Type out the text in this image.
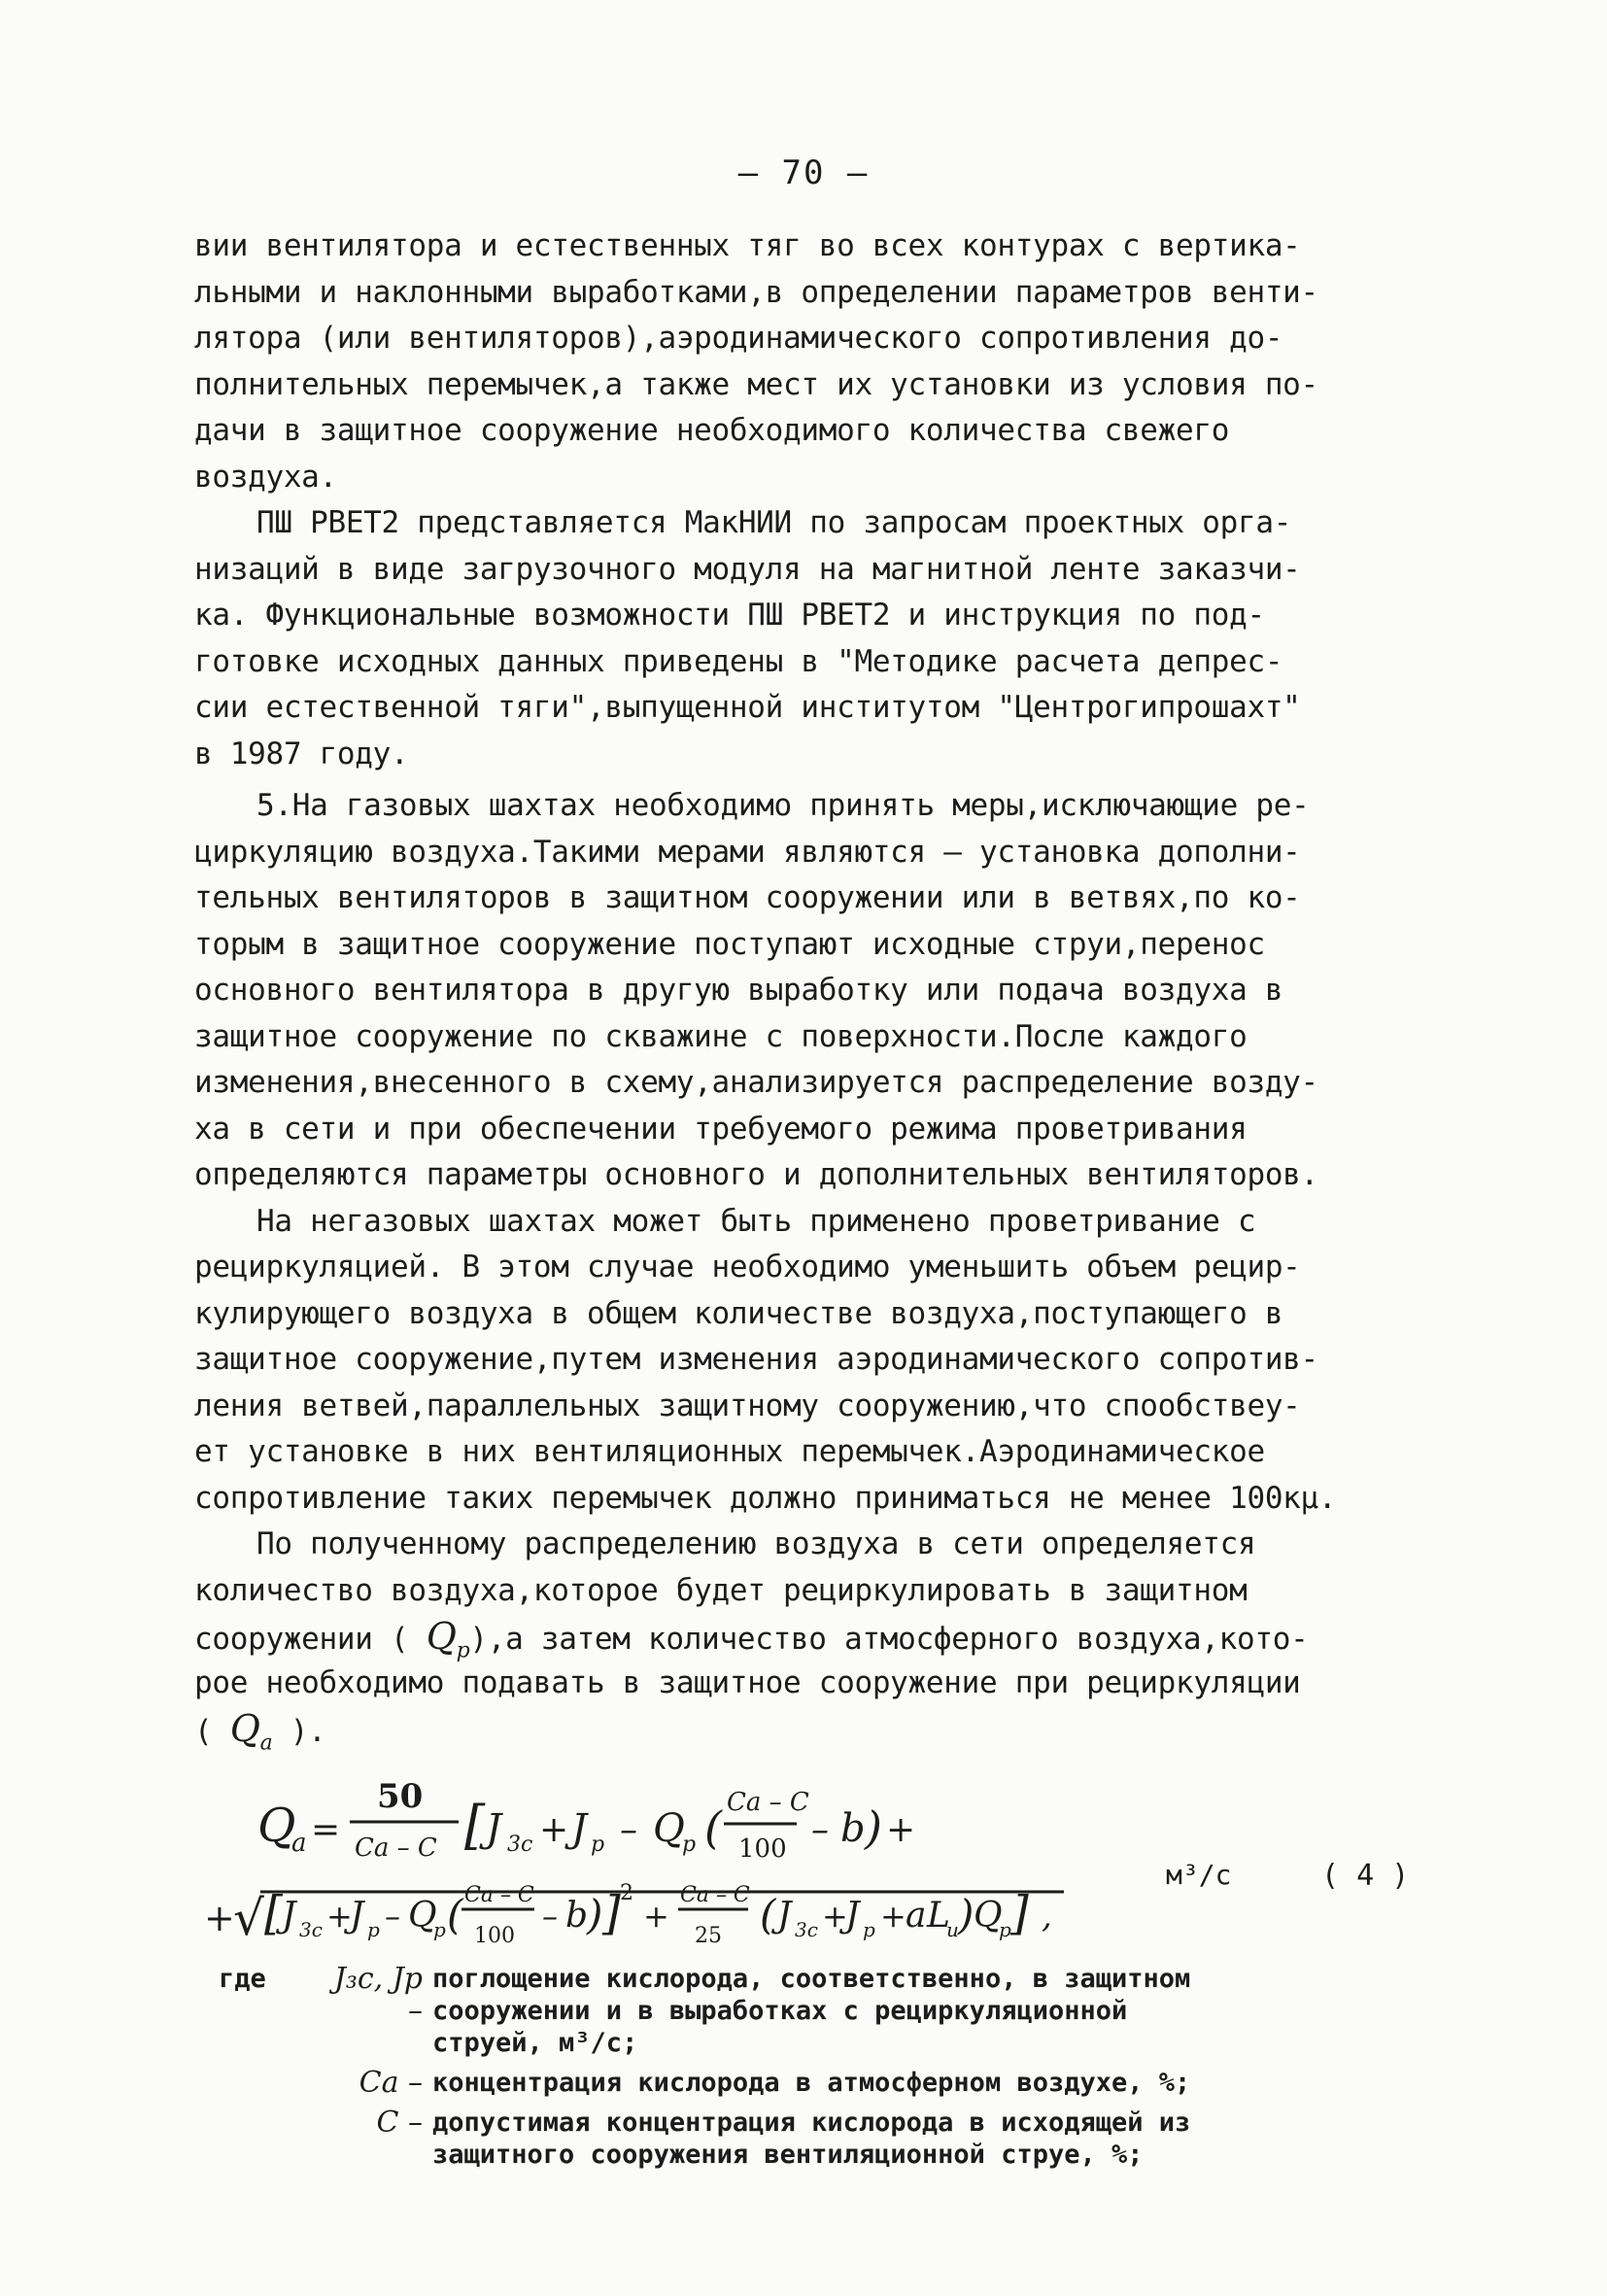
– 70 –
вии вентилятора и естественных тяг во всех контурах с вертика-
льными и наклонными выработками,в определении параметров венти-
лятора (или вентиляторов),аэродинамического сопротивления до-
полнительных перемычек,а также мест их установки из условия по-
дачи в защитное сооружение необходимого количества свежего
воздуха.
ПШ РВЕТ2 представляется МакНИИ по запросам проектных орга-
низаций в виде загрузочного модуля на магнитной ленте заказчи-
ка. Функциональные возможности ПШ РВЕТ2 и инструкция по под-
готовке исходных данных приведены в "Методике расчета депрес-
сии естественной тяги",выпущенной институтом "Центрогипрошахт"
в 1987 году.
5.На газовых шахтах необходимо принять меры,исключающие ре-
циркуляцию воздуха.Такими мерами являются – установка дополни-
тельных вентиляторов в защитном сооружении или в ветвях,по ко-
торым в защитное сооружение поступают исходные струи,перенос
основного вентилятора в другую выработку или подача воздуха в
защитное сооружение по скважине с поверхности.После каждого
изменения,внесенного в схему,анализируется распределение возду-
ха в сети и при обеспечении требуемого режима проветривания
определяются параметры основного и дополнительных вентиляторов.
На негазовых шахтах может быть применено проветривание с
рециркуляцией. В этом случае необходимо уменьшить объем рецир-
кулирующего воздуха в общем количестве воздуха,поступающего в
защитное сооружение,путем изменения аэродинамического сопротив-
ления ветвей,параллельных защитному сооружению,что спообствеу-
ет установке в них вентиляционных перемычек.Аэродинамическое
сопротивление таких перемычек должно приниматься не менее 100кμ.
По полученному распределению воздуха в сети определяется
количество воздуха,которое будет рециркулировать в защитном
сооружении ( $Q_р),а$ затем количество атмосферного воздуха,кото-
рое необходимо подавать в защитное сооружение при рециркуляции
( $Q_a$ ).
Q
a =
50
Ca – C [ J 3c + J p – Q
p ( Ca – C
100 – b ) +
+
√ [ J 3c +
J p – Q
p ( Ca – C
100
– b
) ] 2
+
Ca – C
25 ( J 3c +
J p + a L
и ) Q
p ] ,
м³/с	( 4 )
где	J₃c, Jр –
поглощение кислорода, соответственно, в защитном
сооружении и в выработках с рециркуляционной
струей, м³/с;
Ca – концентрация кислорода в атмосферном воздухе, %;
C – допустимая концентрация кислорода в исходящей из
защитного сооружения вентиляционной струе, %;
